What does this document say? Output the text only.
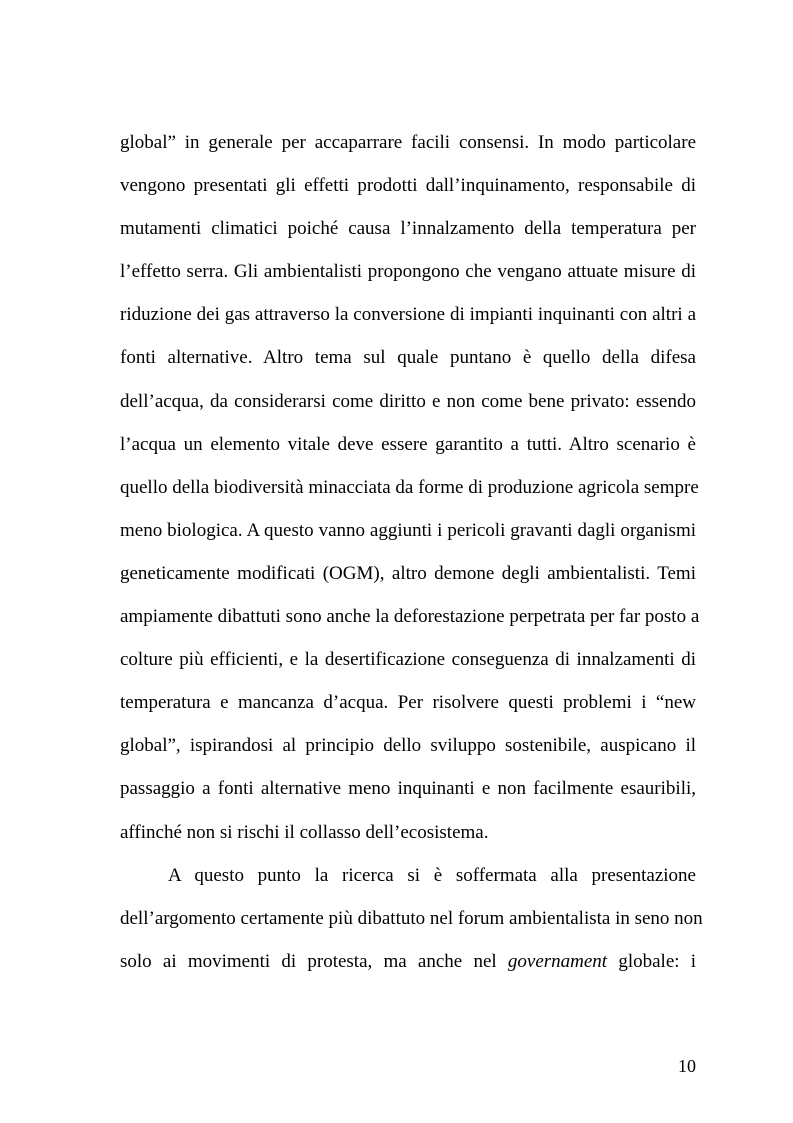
global” in generale per accaparrare facili consensi. In modo particolare
vengono presentati gli effetti prodotti dall’inquinamento, responsabile di
mutamenti climatici poiché causa l’innalzamento della temperatura per
l’effetto serra. Gli ambientalisti propongono che vengano attuate misure di
riduzione dei gas attraverso la conversione di impianti inquinanti con altri a
fonti alternative. Altro tema sul quale puntano è quello della difesa
dell’acqua, da considerarsi come diritto e non come bene privato: essendo
l’acqua un elemento vitale deve essere garantito a tutti. Altro scenario è
quello della biodiversità minacciata da forme di produzione agricola sempre
meno biologica. A questo vanno aggiunti i pericoli gravanti dagli organismi
geneticamente modificati (OGM), altro demone degli ambientalisti. Temi
ampiamente dibattuti sono anche la deforestazione perpetrata per far posto a
colture più efficienti, e la desertificazione conseguenza di innalzamenti di
temperatura e mancanza d’acqua. Per risolvere questi problemi i “new
global”, ispirandosi al principio dello sviluppo sostenibile, auspicano il
passaggio a fonti alternative meno inquinanti e non facilmente esauribili,
affinché non si rischi il collasso dell’ecosistema.
A questo punto la ricerca si è soffermata alla presentazione
dell’argomento certamente più dibattuto nel forum ambientalista in seno non
solo ai movimenti di protesta, ma anche nel governament globale: i
10
